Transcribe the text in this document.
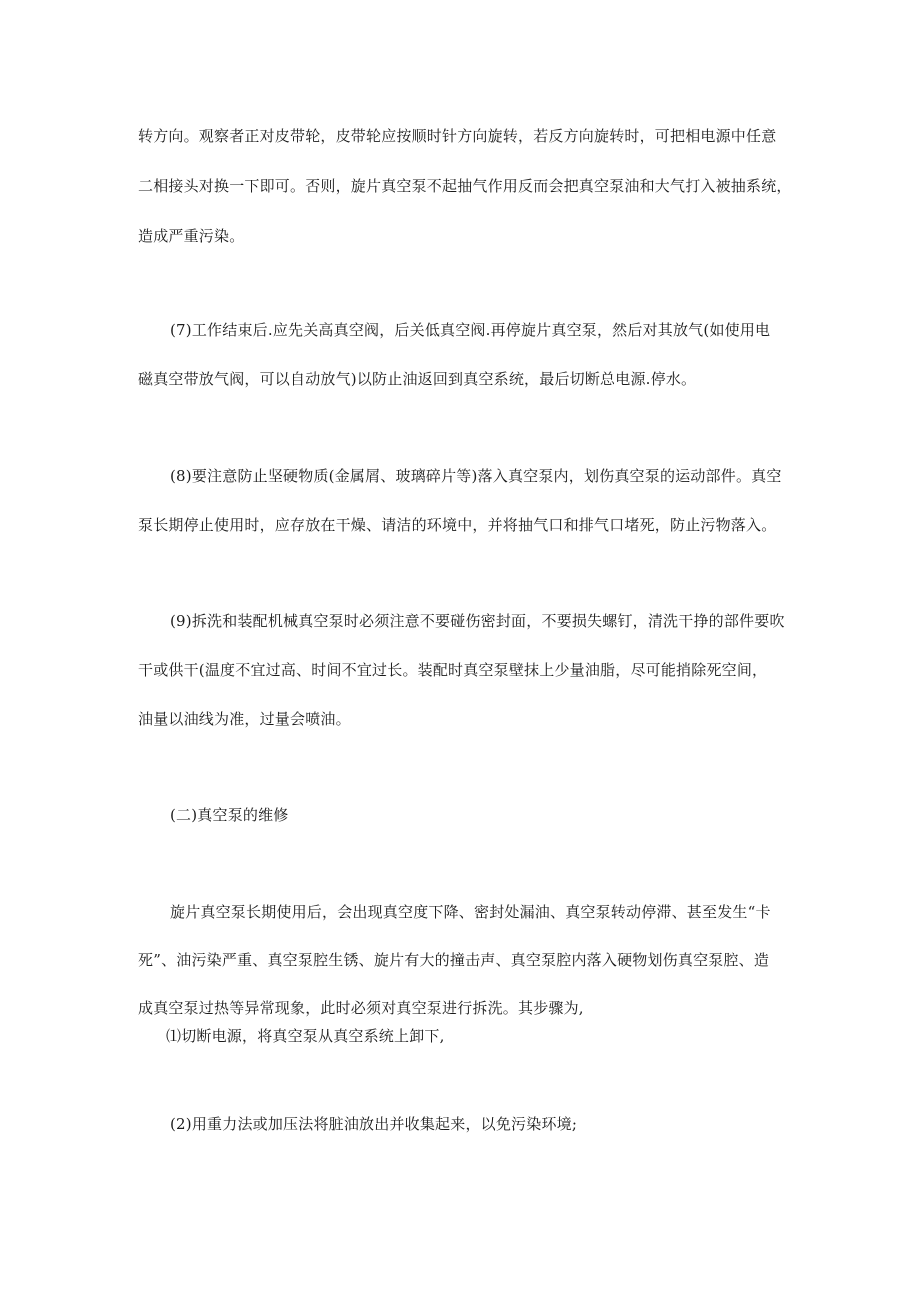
转方向。观察者正对皮带轮，皮带轮应按顺时针方向旋转，若反方向旋转时，可把相电源中任意
二相接头对换一下即可。否则，旋片真空泵不起抽气作用反而会把真空泵油和大气打入被抽系统，
造成严重污染。
(7)工作结束后.应先关高真空阀，后关低真空阀.再停旋片真空泵，然后对其放气(如使用电
磁真空带放气阀，可以自动放气)以防止油返回到真空系统，最后切断总电源.停水。
(8)要注意防止坚硬物质(金属屑、玻璃碎片等)落入真空泵内，划伤真空泵的运动部件。真空
泵长期停止使用时，应存放在干燥、请洁的环境中，并将抽气口和排气口堵死，防止污物落入。
(9)拆洗和装配机械真空泵时必须注意不要碰伤密封面，不要损失螺钉，清洗干挣的部件要吹
干或供干(温度不宜过高、时间不宜过长。装配时真空泵壁抹上少量油脂，尽可能捎除死空间，
油量以油线为准，过量会喷油。
(二)真空泵的维修
旋片真空泵长期使用后，会出现真空度下降、密封处漏油、真空泵转动停滞、甚至发生“卡
死”、油污染严重、真空泵腔生锈、旋片有大的撞击声、真空泵腔内落入硬物划伤真空泵腔、造
成真空泵过热等异常现象，此时必须对真空泵进行拆洗。其步骤为,
⑴切断电源，将真空泵从真空系统上卸下,
(2)用重力法或加压法将脏油放出并收集起来，以免污染环境;
